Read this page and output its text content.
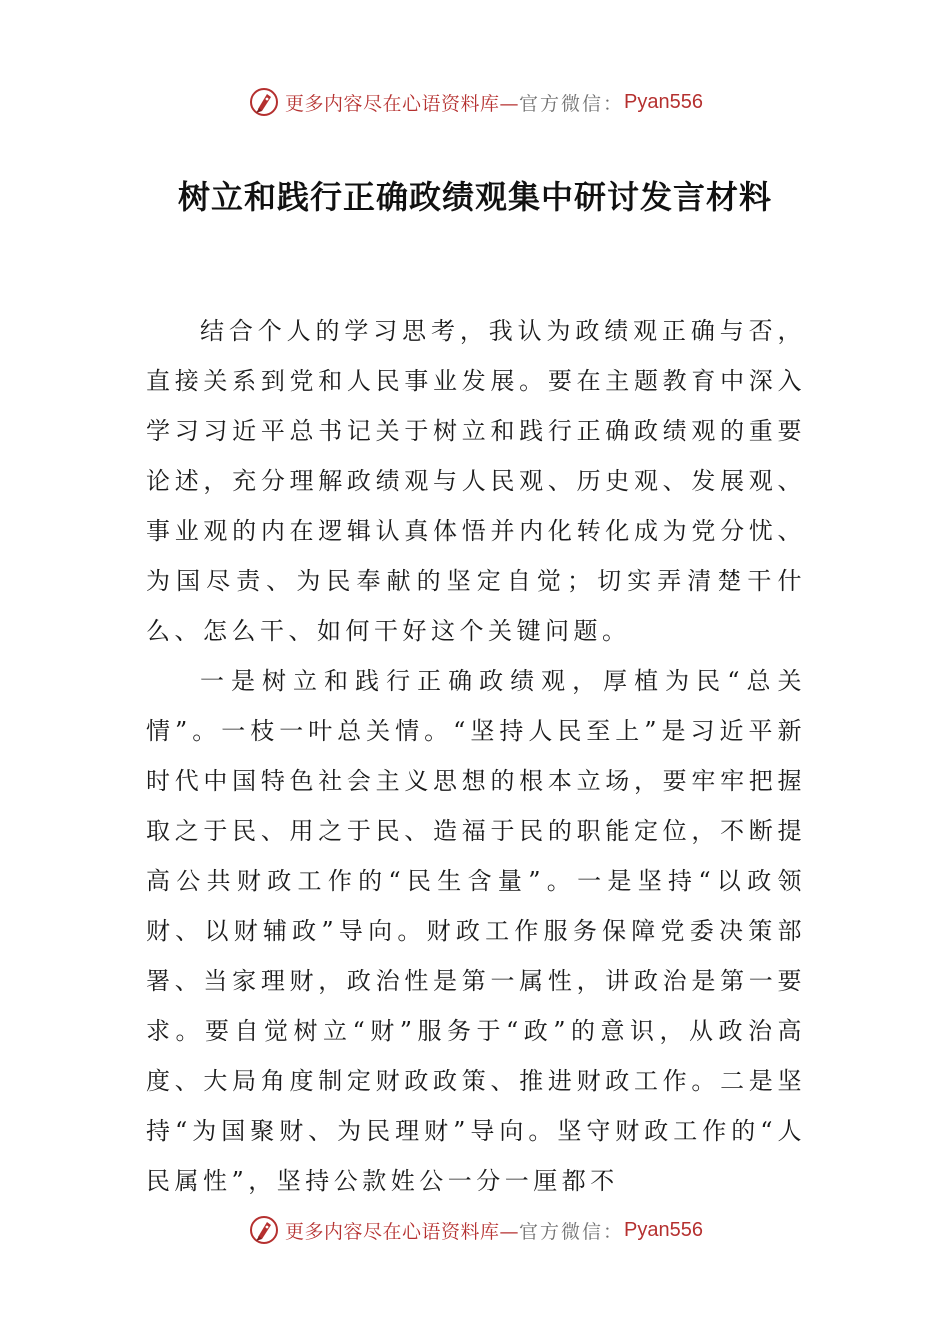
更多内容尽在心语资料库— 官方微信： Pyan556
树立和践行正确政绩观集中研讨发言材料

结合个人的学习思考，我认为政绩观正确与否，直接关系到党和人民事业发展。要在主题教育中深入学习习近平总书记关于树立和践行正确政绩观的重要论述，充分理解政绩观与人民观、历史观、发展观、事业观的内在逻辑认真体悟并内化转化成为党分忧、为国尽责、为民奉献的坚定自觉；切实弄清楚干什么、怎么干、如何干好这个关键问题。

一是树立和践行正确政绩观，厚植为民“总关情”。一枝一叶总关情。“坚持人民至上”是习近平新时代中国特色社会主义思想的根本立场，要牢牢把握取之于民、用之于民、造福于民的职能定位，不断提高公共财政工作的“民生含量”。一是坚持“以政领财、以财辅政”导向。财政工作服务保障党委决策部署、当家理财，政治性是第一属性，讲政治是第一要求。要自觉树立“财”服务于“政”的意识，从政治高度、大局角度制定财政政策、推进财政工作。二是坚持“为国聚财、为民理财”导向。坚守财政工作的“人民属性”，坚持公款姓公一分一厘都不

更多内容尽在心语资料库— 官方微信： Pyan556
